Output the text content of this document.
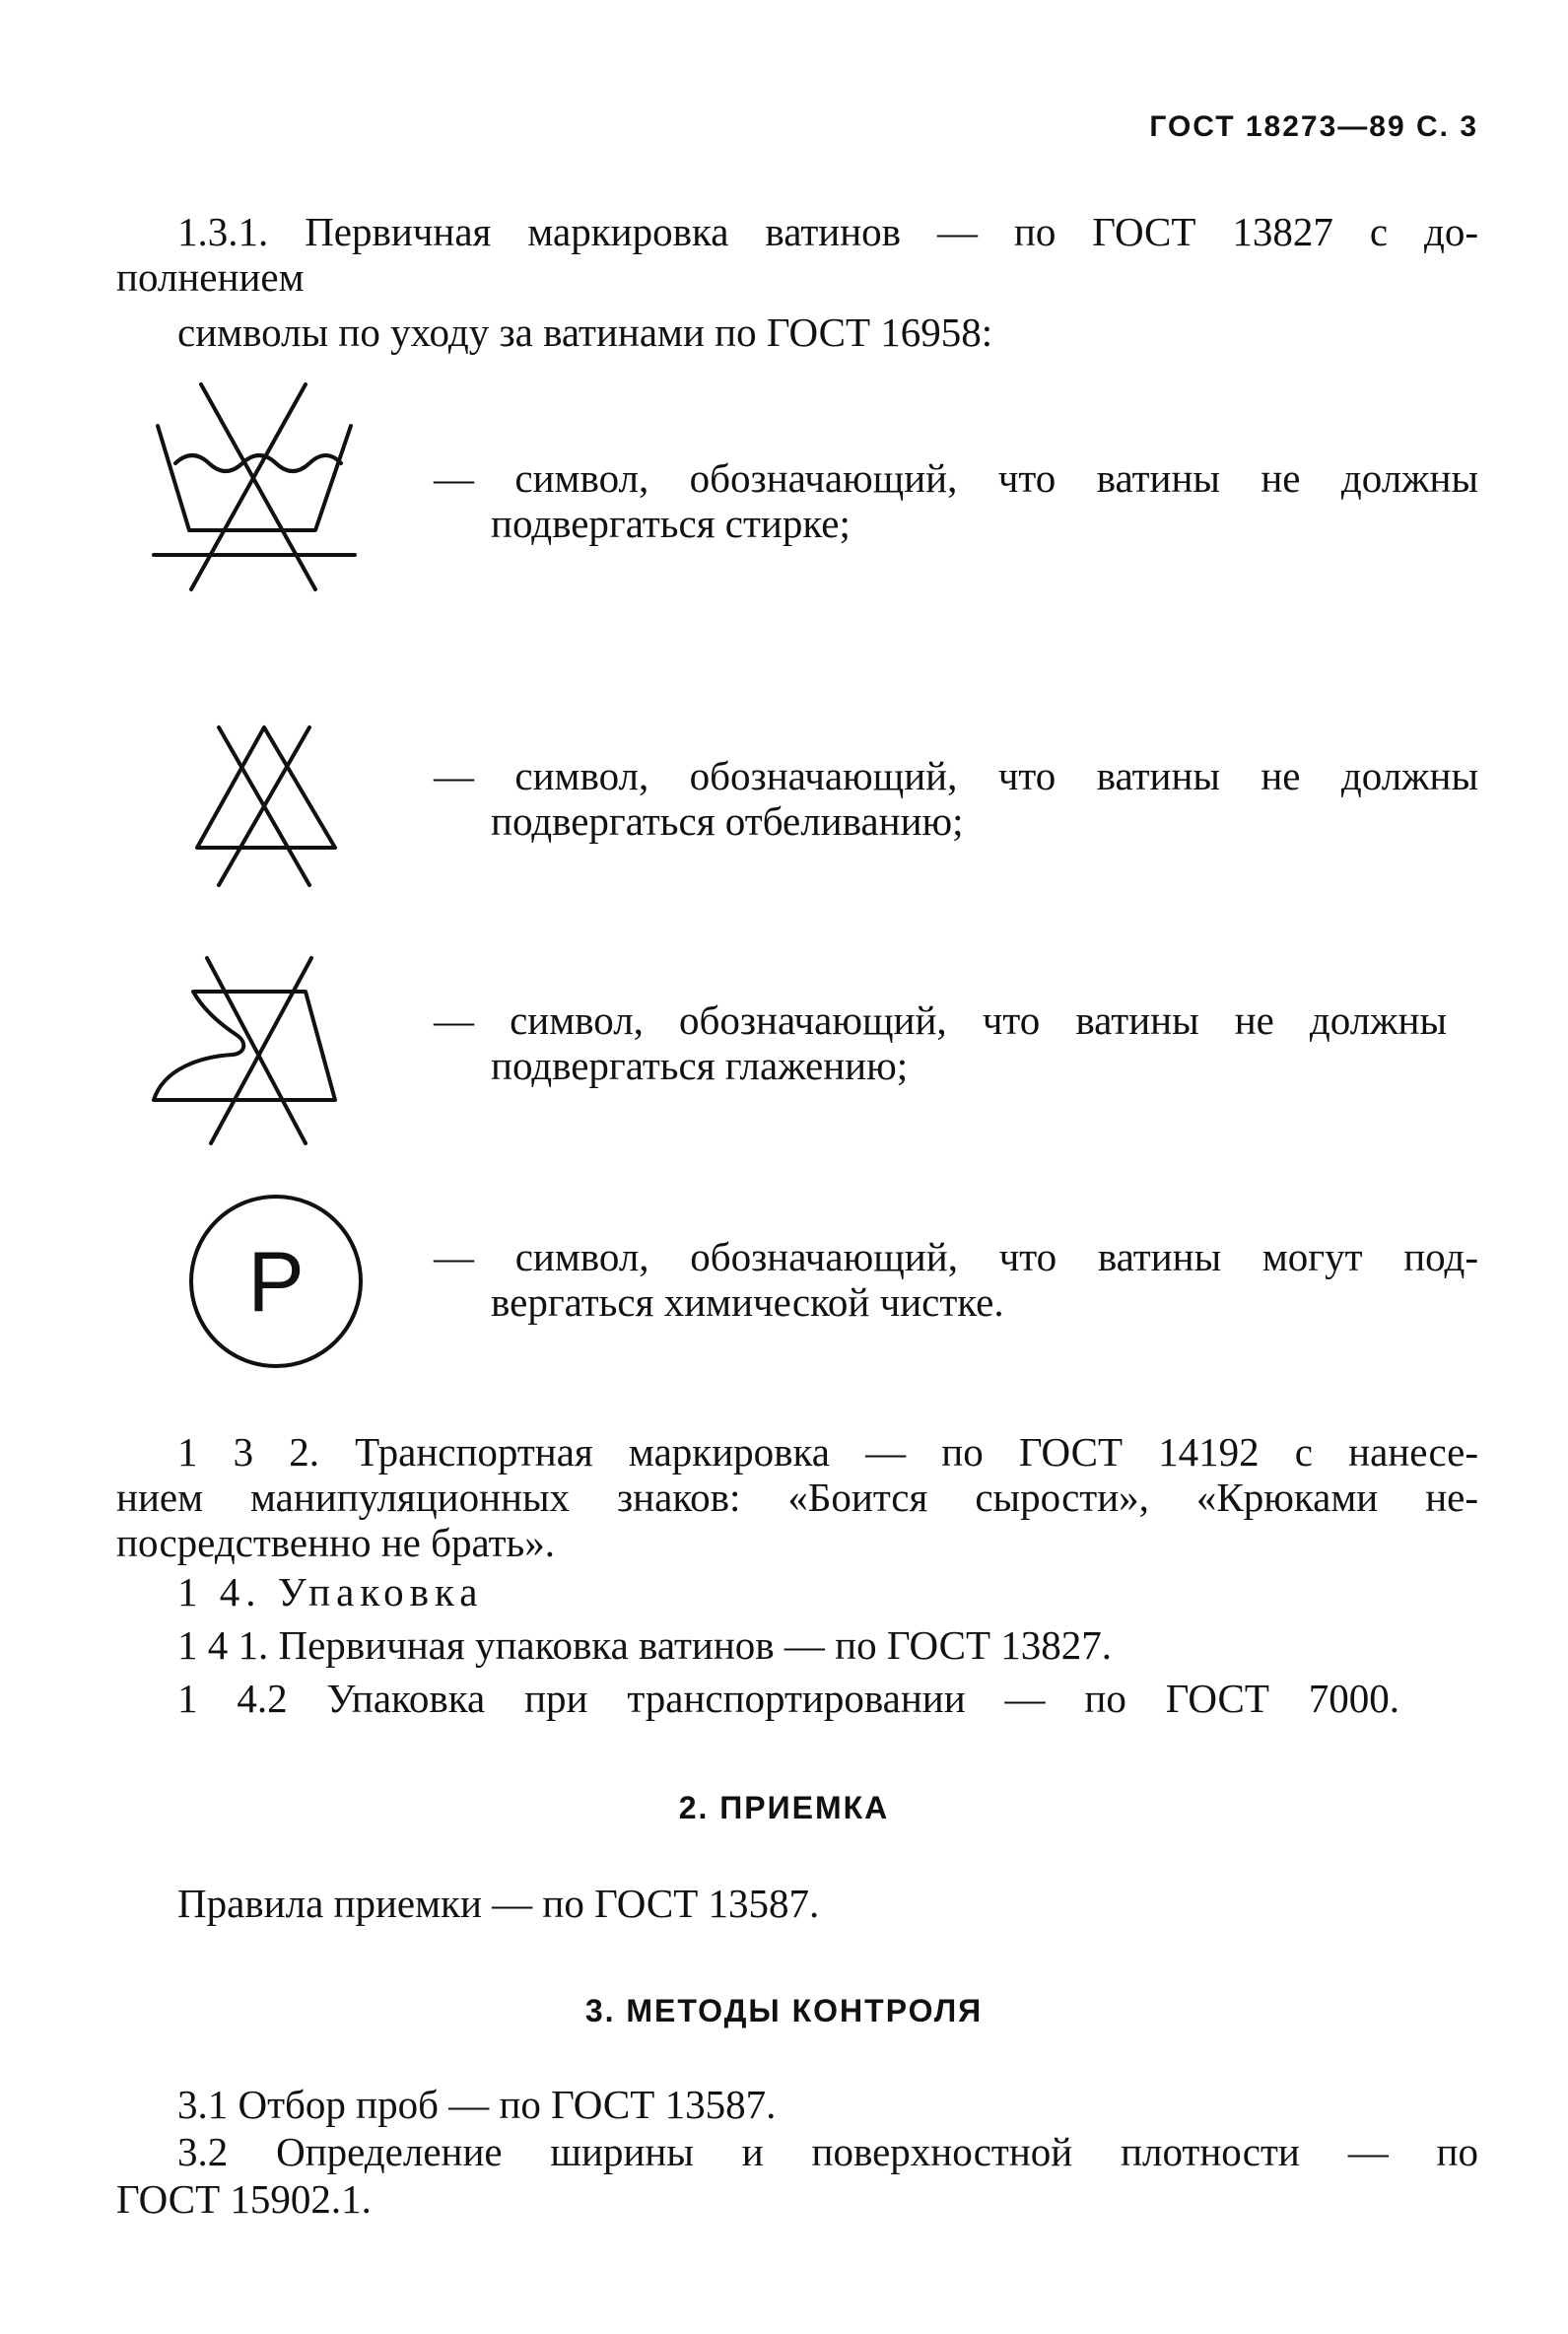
ГОСТ 18273—89 С. 3
1.3.1. Первичная маркировка ватинов — по ГОСТ 13827 с до-
полнением
символы по уходу за ватинами по ГОСТ 16958:
— символ, обозначающий, что ватины не должны
подвергаться стирке;
— символ, обозначающий, что ватины не должны
подвергаться отбеливанию;
— символ, обозначающий, что ватины не должны
подвергаться глажению;
P	— символ, обозначающий, что ватины могут под-
вергаться химической чистке.
1 3 2. Транспортная маркировка — по ГОСТ 14192 с нанесе-
нием манипуляционных знаков: «Боится сырости», «Крюками не-
посредственно не брать».
1 4. Упаковка
1 4 1. Первичная упаковка ватинов — по ГОСТ 13827.
1 4.2 Упаковка при транспортировании — по ГОСТ 7000.
2. ПРИЕМКА
Правила приемки — по ГОСТ 13587.
3. МЕТОДЫ КОНТРОЛЯ
3.1 Отбор проб — по ГОСТ 13587.
3.2 Определение ширины и поверхностной плотности — по
ГОСТ 15902.1.
